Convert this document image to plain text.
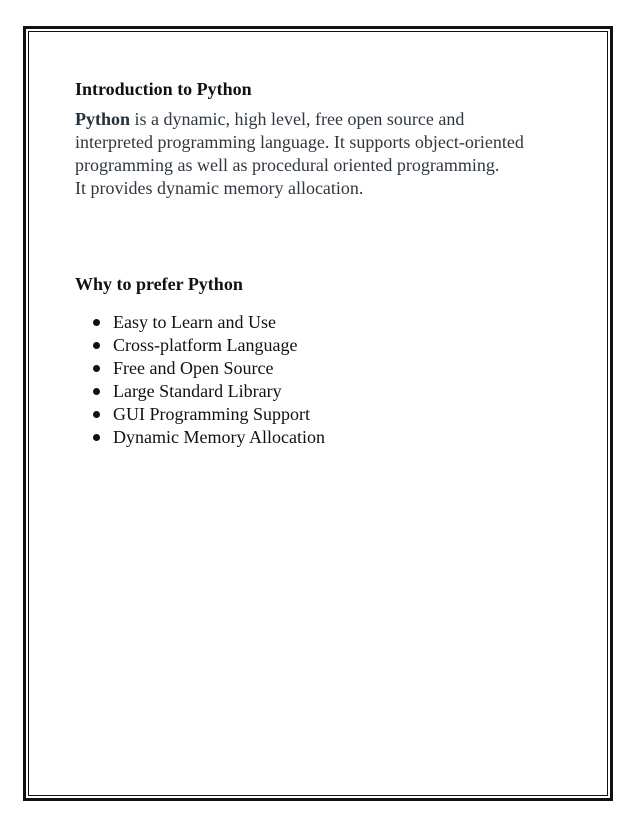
Introduction to Python

Python is a dynamic, high level, free open source and
interpreted programming language. It supports object-oriented
programming as well as procedural oriented programming.
It provides dynamic memory allocation.

Why to prefer Python
Easy to Learn and Use
Cross-platform Language
Free and Open Source
Large Standard Library
GUI Programming Support
Dynamic Memory Allocation
